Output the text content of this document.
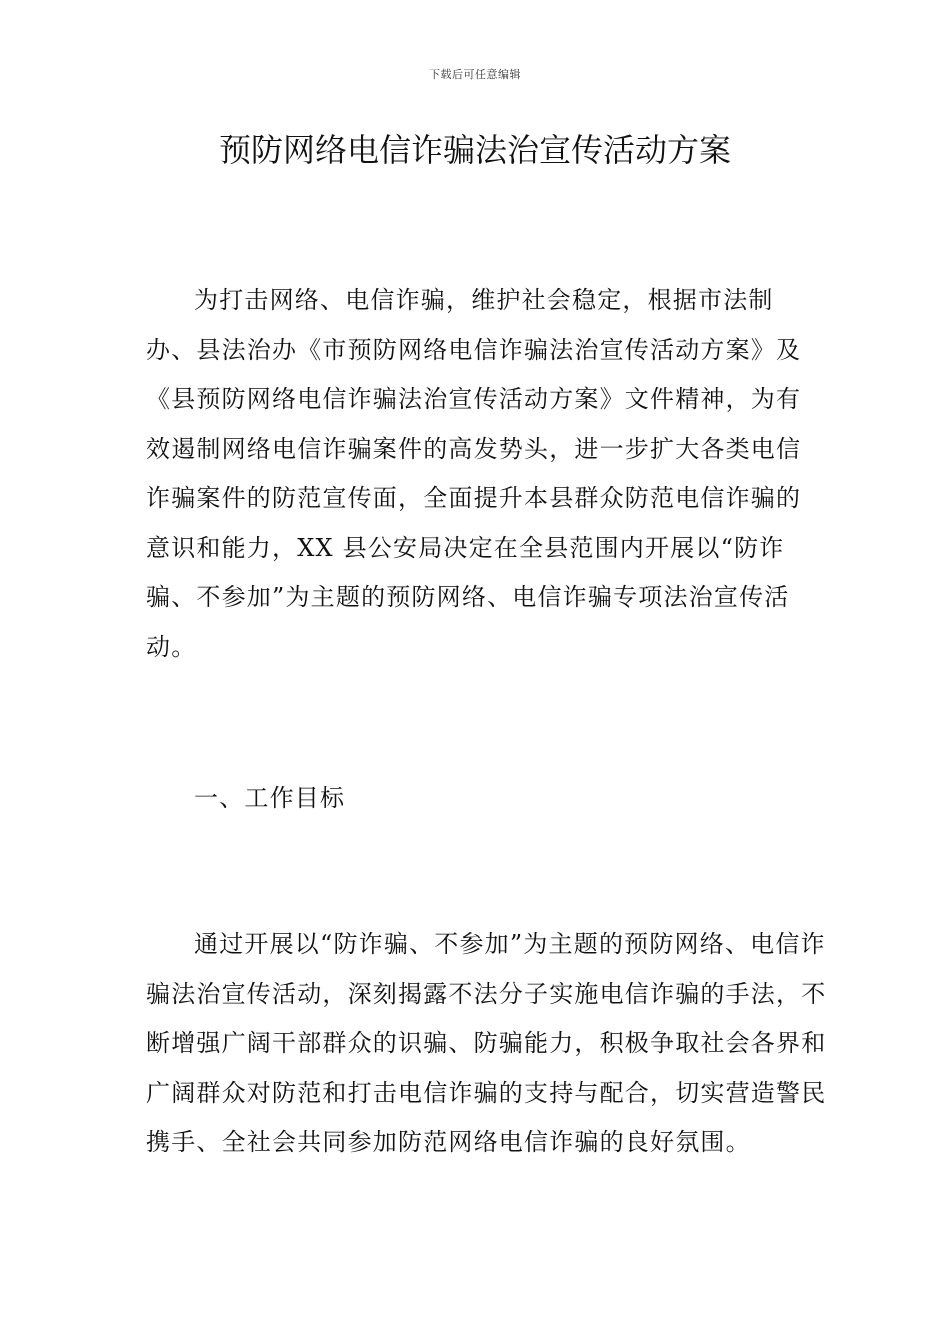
下载后可任意编辑
预防网络电信诈骗法治宣传活动方案

为打击网络、电信诈骗，维护社会稳定，根据市法制办、县法治办《市预防网络电信诈骗法治宣传活动方案》及《县预防网络电信诈骗法治宣传活动方案》文件精神，为有效遏制网络电信诈骗案件的高发势头，进一步扩大各类电信诈骗案件的防范宣传面，全面提升本县群众防范电信诈骗的意识和能力，XX 县公安局决定在全县范围内开展以“防诈骗、不参加”为主题的预防网络、电信诈骗专项法治宣传活动。

一、工作目标

通过开展以“防诈骗、不参加”为主题的预防网络、电信诈骗法治宣传活动，深刻揭露不法分子实施电信诈骗的手法，不断增强广阔干部群众的识骗、防骗能力，积极争取社会各界和广阔群众对防范和打击电信诈骗的支持与配合，切实营造警民携手、全社会共同参加防范网络电信诈骗的良好氛围。
